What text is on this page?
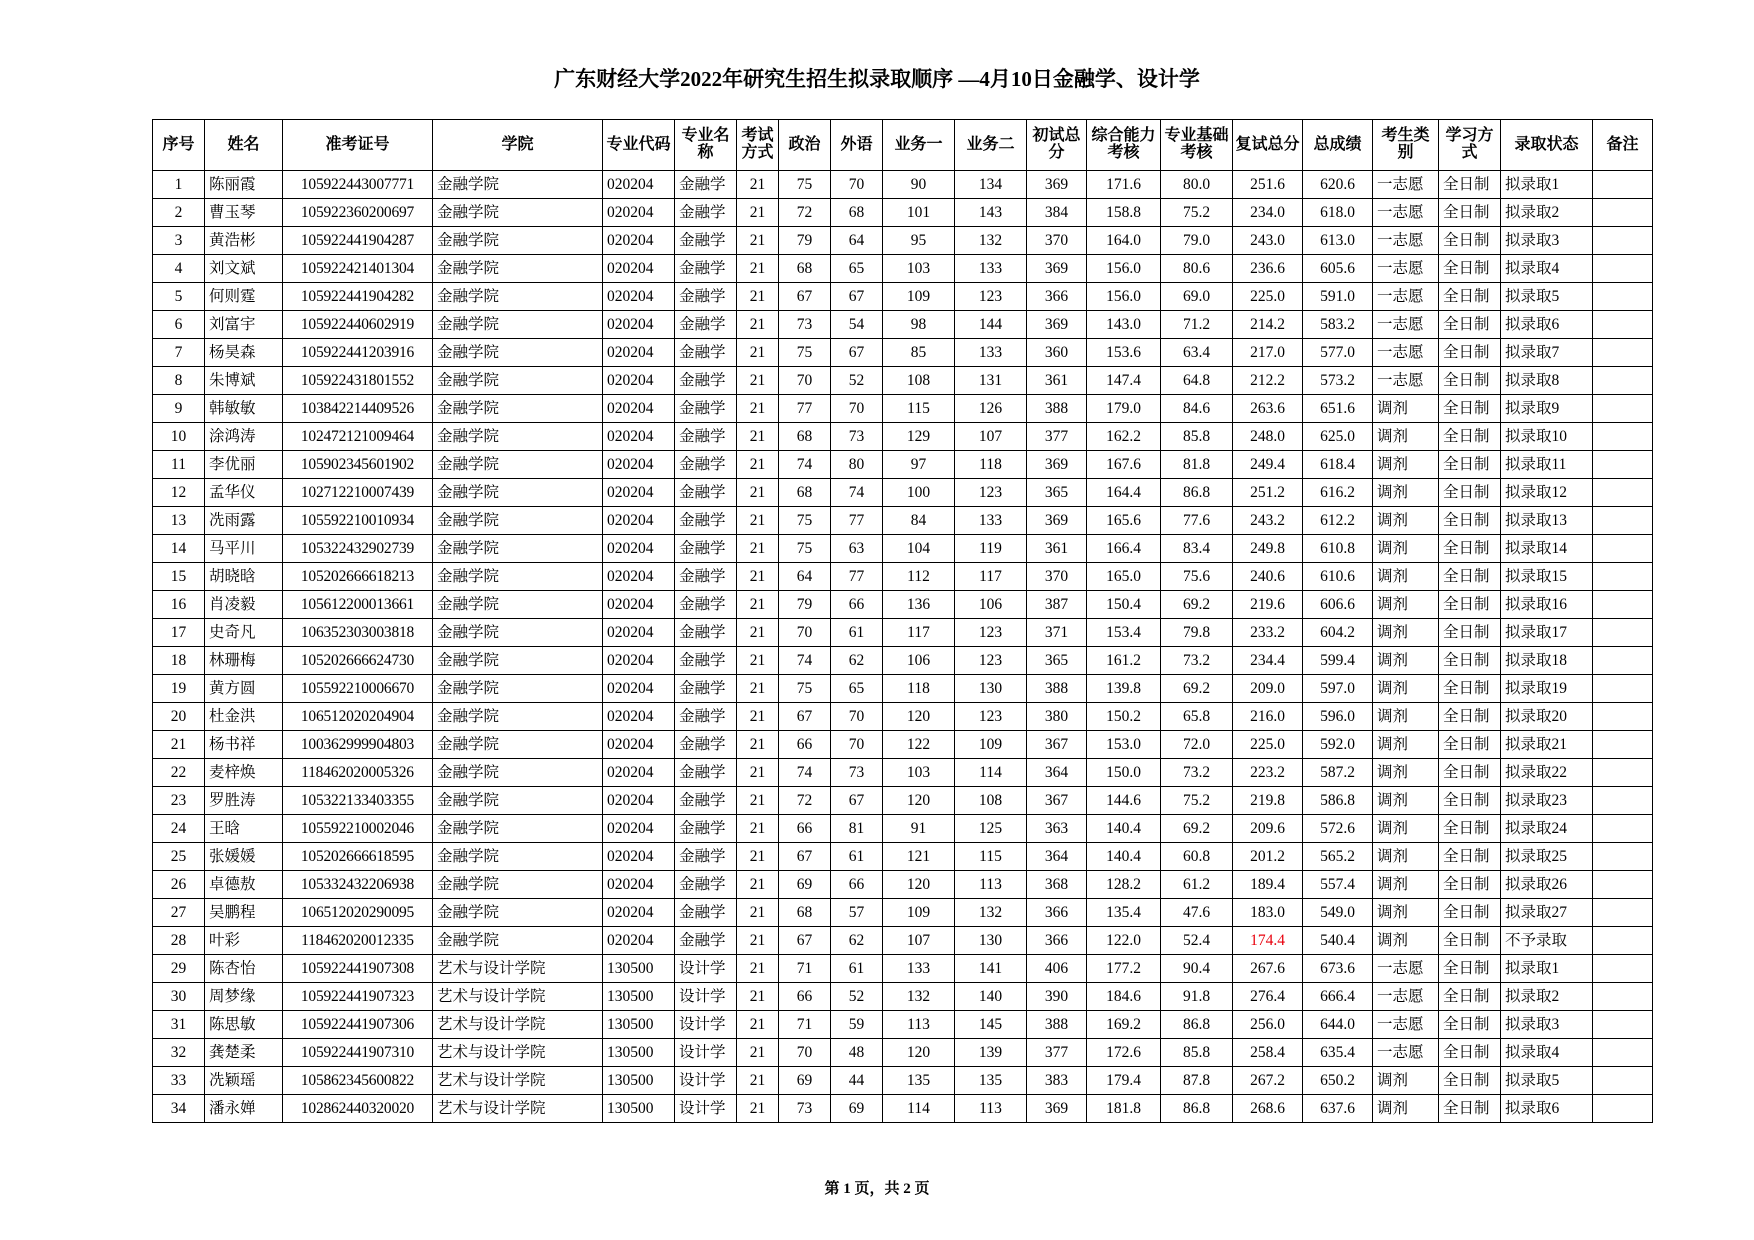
广东财经大学2022年研究生招生拟录取顺序 —4月10日金融学、设计学
序号	姓名	准考证号	学院	专业代码	专业名称	考试方式	政治	外语	业务一	业务二	初试总分	综合能力考核	专业基础考核	复试总分	总成绩	考生类别	学习方式	录取状态	备注

1	陈丽霞	105922443007771	金融学院	020204	金融学	21	75	70	90	134	369	171.6	80.0	251.6	620.6	一志愿	全日制	拟录取1	
2	曹玉琴	105922360200697	金融学院	020204	金融学	21	72	68	101	143	384	158.8	75.2	234.0	618.0	一志愿	全日制	拟录取2	
3	黄浩彬	105922441904287	金融学院	020204	金融学	21	79	64	95	132	370	164.0	79.0	243.0	613.0	一志愿	全日制	拟录取3	
4	刘文斌	105922421401304	金融学院	020204	金融学	21	68	65	103	133	369	156.0	80.6	236.6	605.6	一志愿	全日制	拟录取4	
5	何则霆	105922441904282	金融学院	020204	金融学	21	67	67	109	123	366	156.0	69.0	225.0	591.0	一志愿	全日制	拟录取5	
6	刘富宇	105922440602919	金融学院	020204	金融学	21	73	54	98	144	369	143.0	71.2	214.2	583.2	一志愿	全日制	拟录取6	
7	杨昊森	105922441203916	金融学院	020204	金融学	21	75	67	85	133	360	153.6	63.4	217.0	577.0	一志愿	全日制	拟录取7	
8	朱博斌	105922431801552	金融学院	020204	金融学	21	70	52	108	131	361	147.4	64.8	212.2	573.2	一志愿	全日制	拟录取8	
9	韩敏敏	103842214409526	金融学院	020204	金融学	21	77	70	115	126	388	179.0	84.6	263.6	651.6	调剂	全日制	拟录取9	
10	涂鸿涛	102472121009464	金融学院	020204	金融学	21	68	73	129	107	377	162.2	85.8	248.0	625.0	调剂	全日制	拟录取10	
11	李优丽	105902345601902	金融学院	020204	金融学	21	74	80	97	118	369	167.6	81.8	249.4	618.4	调剂	全日制	拟录取11	
12	孟华仪	102712210007439	金融学院	020204	金融学	21	68	74	100	123	365	164.4	86.8	251.2	616.2	调剂	全日制	拟录取12	
13	冼雨露	105592210010934	金融学院	020204	金融学	21	75	77	84	133	369	165.6	77.6	243.2	612.2	调剂	全日制	拟录取13	
14	马平川	105322432902739	金融学院	020204	金融学	21	75	63	104	119	361	166.4	83.4	249.8	610.8	调剂	全日制	拟录取14	
15	胡晓晗	105202666618213	金融学院	020204	金融学	21	64	77	112	117	370	165.0	75.6	240.6	610.6	调剂	全日制	拟录取15	
16	肖凌毅	105612200013661	金融学院	020204	金融学	21	79	66	136	106	387	150.4	69.2	219.6	606.6	调剂	全日制	拟录取16	
17	史奇凡	106352303003818	金融学院	020204	金融学	21	70	61	117	123	371	153.4	79.8	233.2	604.2	调剂	全日制	拟录取17	
18	林珊梅	105202666624730	金融学院	020204	金融学	21	74	62	106	123	365	161.2	73.2	234.4	599.4	调剂	全日制	拟录取18	
19	黄方圆	105592210006670	金融学院	020204	金融学	21	75	65	118	130	388	139.8	69.2	209.0	597.0	调剂	全日制	拟录取19	
20	杜金洪	106512020204904	金融学院	020204	金融学	21	67	70	120	123	380	150.2	65.8	216.0	596.0	调剂	全日制	拟录取20	
21	杨书祥	100362999904803	金融学院	020204	金融学	21	66	70	122	109	367	153.0	72.0	225.0	592.0	调剂	全日制	拟录取21	
22	麦梓焕	118462020005326	金融学院	020204	金融学	21	74	73	103	114	364	150.0	73.2	223.2	587.2	调剂	全日制	拟录取22	
23	罗胜涛	105322133403355	金融学院	020204	金融学	21	72	67	120	108	367	144.6	75.2	219.8	586.8	调剂	全日制	拟录取23	
24	王晗	105592210002046	金融学院	020204	金融学	21	66	81	91	125	363	140.4	69.2	209.6	572.6	调剂	全日制	拟录取24	
25	张媛媛	105202666618595	金融学院	020204	金融学	21	67	61	121	115	364	140.4	60.8	201.2	565.2	调剂	全日制	拟录取25	
26	卓德敖	105332432206938	金融学院	020204	金融学	21	69	66	120	113	368	128.2	61.2	189.4	557.4	调剂	全日制	拟录取26	
27	吴鹏程	106512020290095	金融学院	020204	金融学	21	68	57	109	132	366	135.4	47.6	183.0	549.0	调剂	全日制	拟录取27	
28	叶彩	118462020012335	金融学院	020204	金融学	21	67	62	107	130	366	122.0	52.4	174.4	540.4	调剂	全日制	不予录取	
29	陈杏怡	105922441907308	艺术与设计学院	130500	设计学	21	71	61	133	141	406	177.2	90.4	267.6	673.6	一志愿	全日制	拟录取1	
30	周梦缘	105922441907323	艺术与设计学院	130500	设计学	21	66	52	132	140	390	184.6	91.8	276.4	666.4	一志愿	全日制	拟录取2	
31	陈思敏	105922441907306	艺术与设计学院	130500	设计学	21	71	59	113	145	388	169.2	86.8	256.0	644.0	一志愿	全日制	拟录取3	
32	龚楚柔	105922441907310	艺术与设计学院	130500	设计学	21	70	48	120	139	377	172.6	85.8	258.4	635.4	一志愿	全日制	拟录取4	
33	冼颖瑶	105862345600822	艺术与设计学院	130500	设计学	21	69	44	135	135	383	179.4	87.8	267.2	650.2	调剂	全日制	拟录取5	
34	潘永婵	102862440320020	艺术与设计学院	130500	设计学	21	73	69	114	113	369	181.8	86.8	268.6	637.6	调剂	全日制	拟录取6	
第 1 页，共 2 页
